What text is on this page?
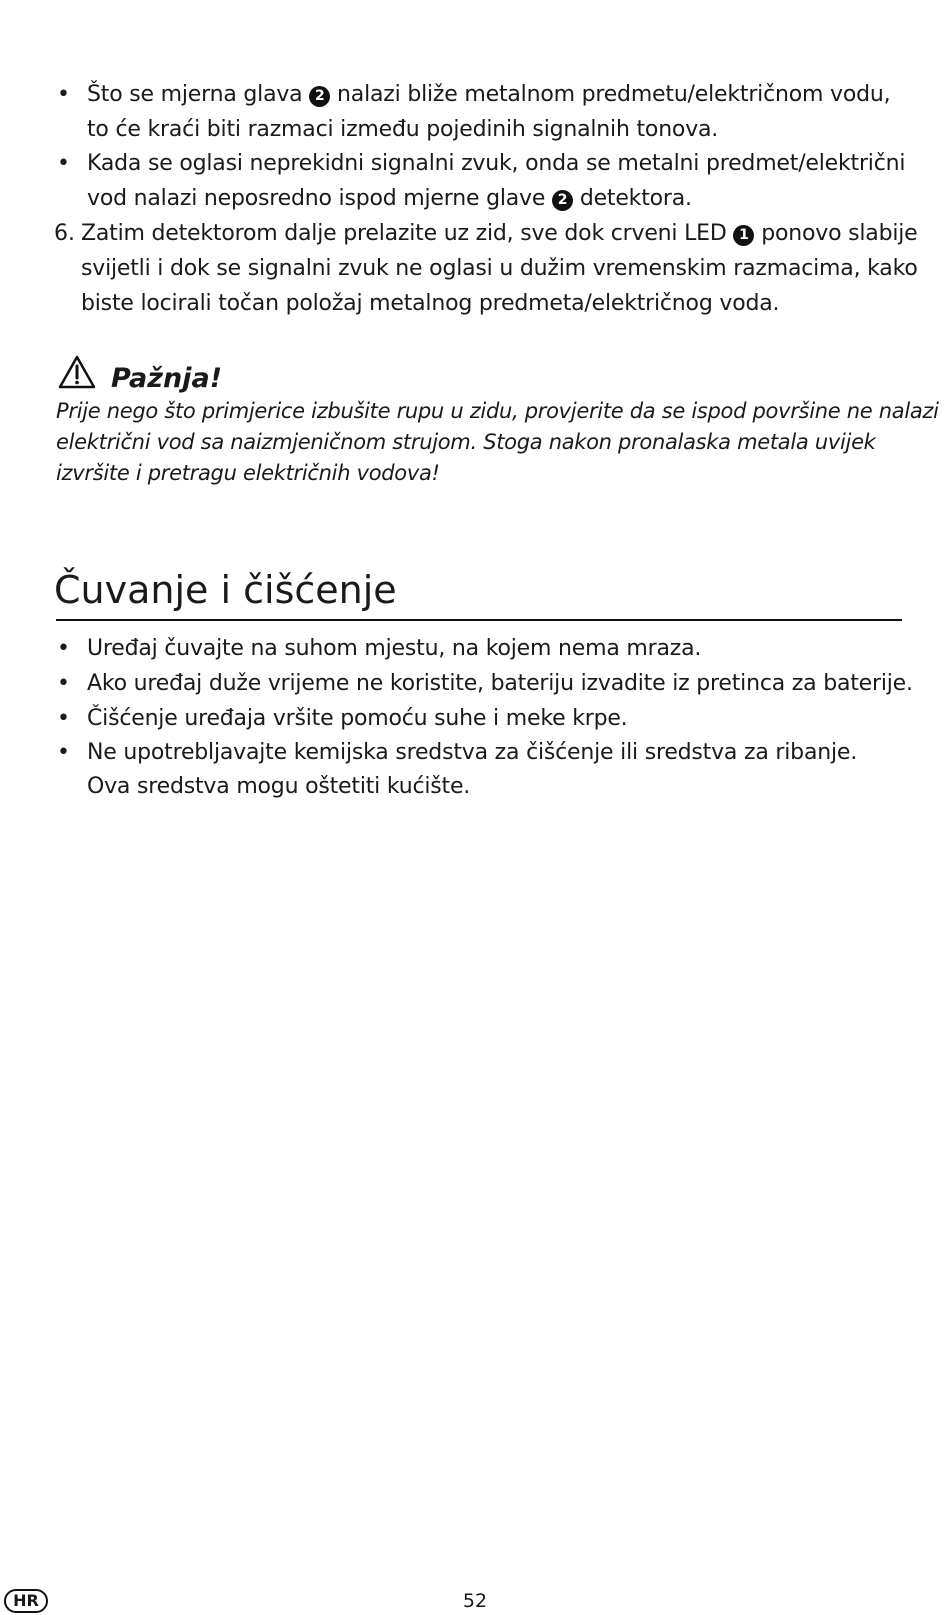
• Što se mjerna glava 2 nalazi bliže metalnom predmetu/električnom vodu,
to će kraći biti razmaci između pojedinih signalnih tonova.
• Kada se oglasi neprekidni signalni zvuk, onda se metalni predmet/električni
vod nalazi neposredno ispod mjerne glave 2 detektora.
6. Zatim detektorom dalje prelazite uz zid, sve dok crveni LED 1 ponovo slabije
svijetli i dok se signalni zvuk ne oglasi u dužim vremenskim razmacima, kako
biste locirali točan položaj metalnog predmeta/električnog voda.
Pažnja!
Prije nego što primjerice izbušite rupu u zidu, provjerite da se ispod površine ne nalazi
električni vod sa naizmjeničnom strujom. Stoga nakon pronalaska metala uvijek
izvršite i pretragu električnih vodova!
Čuvanje i čišćenje
• Uređaj čuvajte na suhom mjestu, na kojem nema mraza.
• Ako uređaj duže vrijeme ne koristite, bateriju izvadite iz pretinca za baterije.
• Čišćenje uređaja vršite pomoću suhe i meke krpe.
• Ne upotrebljavajte kemijska sredstva za čišćenje ili sredstva za ribanje.
Ova sredstva mogu oštetiti kućište.
HR	52
